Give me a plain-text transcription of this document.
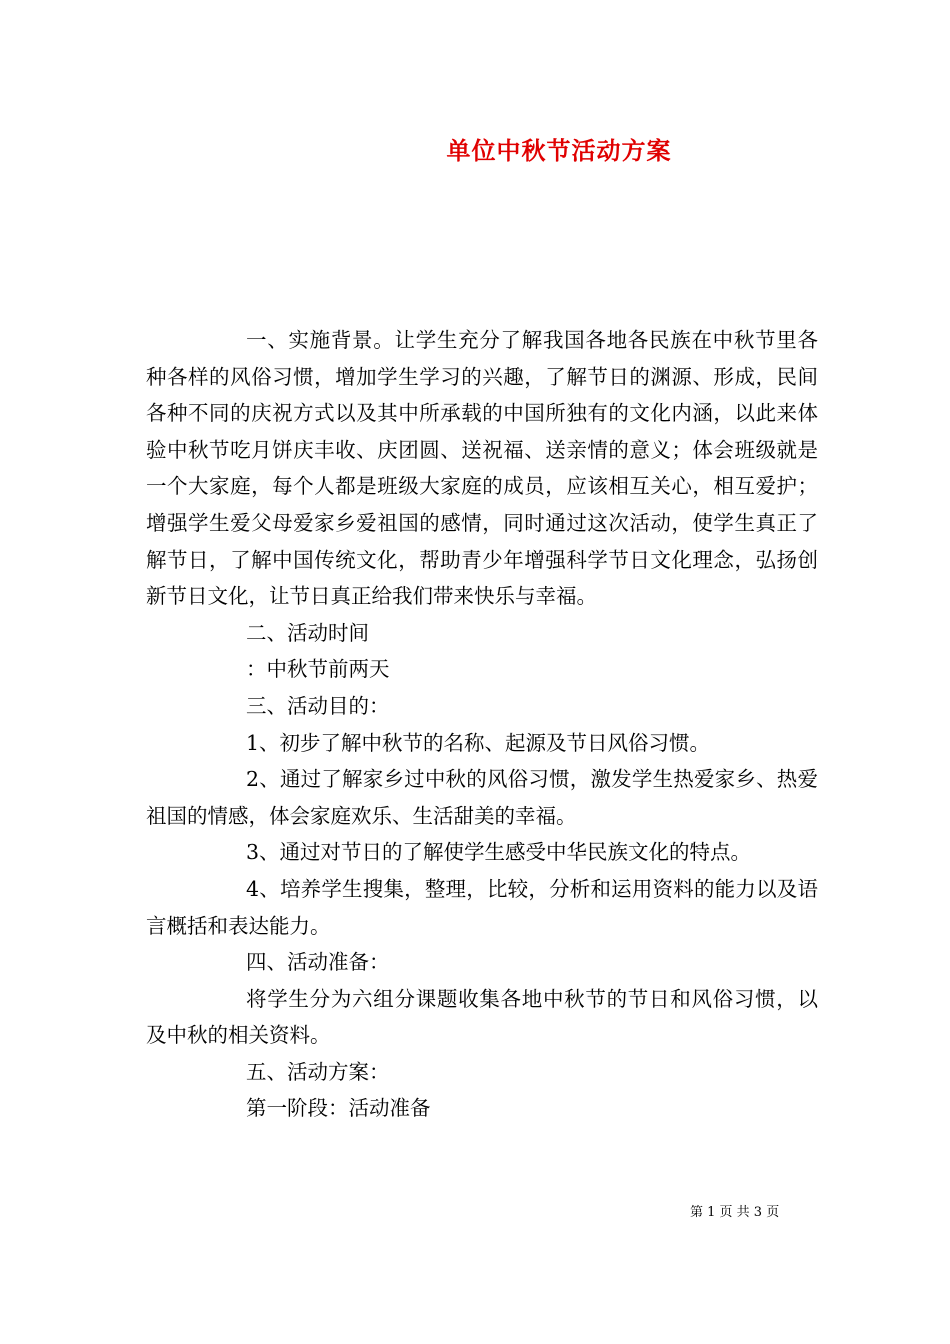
单位中秋节活动方案

一、实施背景。让学生充分了解我国各地各民族在中秋节里各种各样的风俗习惯，增加学生学习的兴趣，了解节日的渊源、形成，民间各种不同的庆祝方式以及其中所承载的中国所独有的文化内涵，以此来体验中秋节吃月饼庆丰收、庆团圆、送祝福、送亲情的意义；体会班级就是一个大家庭，每个人都是班级大家庭的成员，应该相互关心，相互爱护；增强学生爱父母爱家乡爱祖国的感情，同时通过这次活动，使学生真正了解节日，了解中国传统文化，帮助青少年增强科学节日文化理念，弘扬创新节日文化，让节日真正给我们带来快乐与幸福。

二、活动时间

：中秋节前两天

三、活动目的：

1、初步了解中秋节的名称、起源及节日风俗习惯。

2、通过了解家乡过中秋的风俗习惯，激发学生热爱家乡、热爱祖国的情感，体会家庭欢乐、生活甜美的幸福。

3、通过对节日的了解使学生感受中华民族文化的特点。

4、培养学生搜集，整理，比较，分析和运用资料的能力以及语言概括和表达能力。

四、活动准备：

将学生分为六组分课题收集各地中秋节的节日和风俗习惯，以及中秋的相关资料。

五、活动方案：

第一阶段：活动准备

第 1 页 共 3 页
